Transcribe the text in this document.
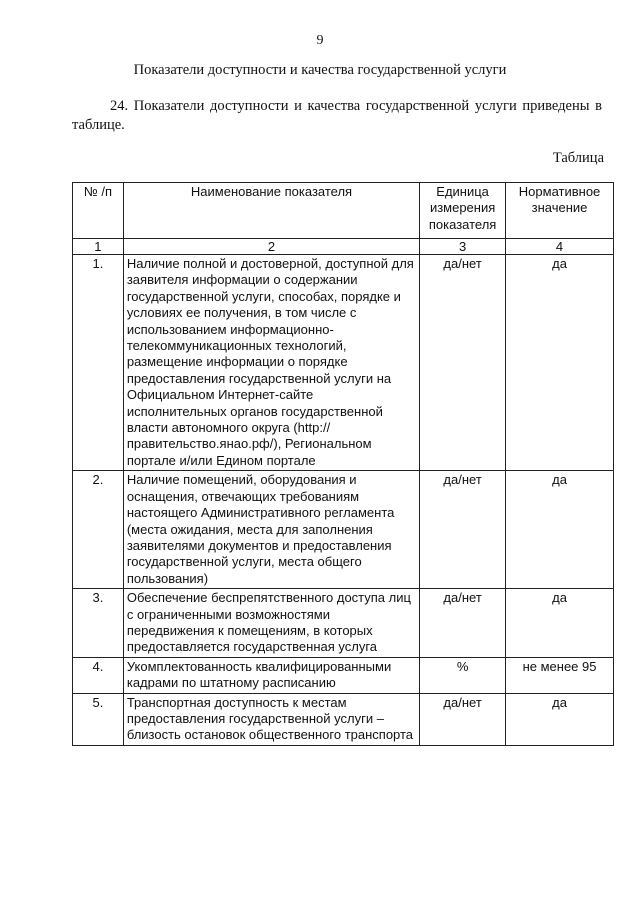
9
Показатели доступности и качества государственной услуги
24. Показатели доступности и качества государственной услуги приведены в таблице.
Таблица
№ /п	Наименование показателя	Единица измерения показателя	Нормативное значение
1	2	3	4
1.	Наличие полной и достоверной, доступной для заявителя информации о содержании государственной услуги, способах, порядке и условиях ее получения, в том числе с использованием информационно-телекоммуникационных технологий, размещение информации о порядке предоставления государственной услуги на Официальном Интернет-сайте исполнительных органов государственной власти автономного округа (http://правительство.янао.рф/), Региональном портале и/или Едином портале	да/нет	да
2.	Наличие помещений, оборудования и оснащения, отвечающих требованиям настоящего Административного регламента (места ожидания, места для заполнения заявителями документов и предоставления государственной услуги, места общего пользования)	да/нет	да
3.	Обеспечение беспрепятственного доступа лиц с ограниченными возможностями передвижения к помещениям, в которых предоставляется государственная услуга	да/нет	да
4.	Укомплектованность квалифицированными кадрами по штатному расписанию	%	не менее 95
5.	Транспортная доступность к местам предоставления государственной услуги – близость остановок общественного транспорта	да/нет	да
